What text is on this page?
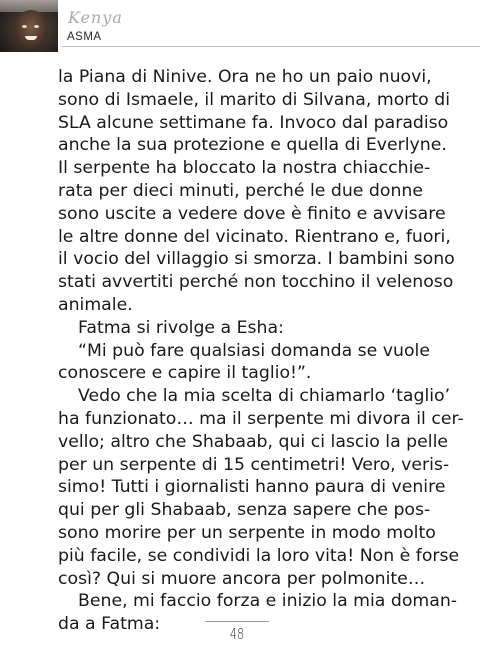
Kenya
ASMA
la Piana di Ninive. Ora ne ho un paio nuovi,
sono di Ismaele, il marito di Silvana, morto di
SLA alcune settimane fa. Invoco dal paradiso
anche la sua protezione e quella di Everlyne.
Il serpente ha bloccato la nostra chiacchie-
rata per dieci minuti, perché le due donne
sono uscite a vedere dove è finito e avvisare
le altre donne del vicinato. Rientrano e, fuori,
il vocio del villaggio si smorza. I bambini sono
stati avvertiti perché non tocchino il velenoso
animale.
Fatma si rivolge a Esha:
“Mi può fare qualsiasi domanda se vuole
conoscere e capire il taglio!”.
Vedo che la mia scelta di chiamarlo ‘taglio’
ha funzionato… ma il serpente mi divora il cer-
vello; altro che Shabaab, qui ci lascio la pelle
per un serpente di 15 centimetri! Vero, veris-
simo! Tutti i giornalisti hanno paura di venire
qui per gli Shabaab, senza sapere che pos-
sono morire per un serpente in modo molto
più facile, se condividi la loro vita! Non è forse
così? Qui si muore ancora per polmonite…
Bene, mi faccio forza e inizio la mia doman-
da a Fatma:	48
